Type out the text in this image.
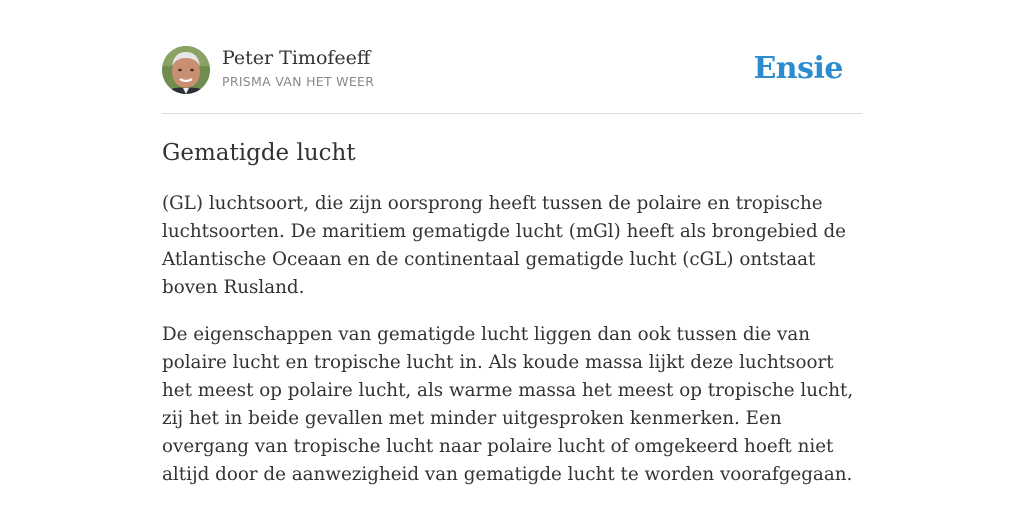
Peter Timofeeff
PRISMA VAN HET WEER	Ensie
Gematigde lucht

(GL) luchtsoort, die zijn oorsprong heeft tussen de polaire en tropische luchtsoorten. De maritiem gematigde lucht (mGl) heeft als brongebied de Atlantische Oceaan en de continentaal gematigde lucht (cGL) ontstaat boven Rusland.

De eigenschappen van gematigde lucht liggen dan ook tussen die van polaire lucht en tropische lucht in. Als koude massa lijkt deze luchtsoort het meest op polaire lucht, als warme massa het meest op tropische lucht, zij het in beide gevallen met minder uitgesproken kenmerken. Een overgang van tropische lucht naar polaire lucht of omgekeerd hoeft niet altijd door de aanwezigheid van gematigde lucht te worden voorafgegaan.
